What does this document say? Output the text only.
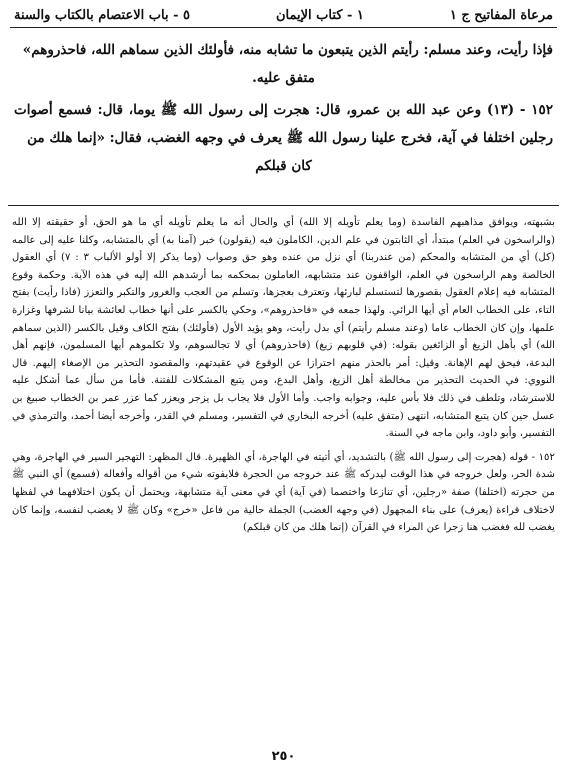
مرعاة المفاتيح ج ١
١ - كتاب الإيمان
٥ - باب الاعتصام بالكتاب والسنة

فإذا رأيت، وعند مسلم: رأيتم الذين يتبعون ما تشابه منه، فأولئك الذين سماهم الله، فاحذروهم»

متفق عليه.

١٥٢ - (١٣) وعن عبد الله بن عمرو، قال: هجرت إلى رسول الله ﷺ يوما، قال: فسمع أصوات رجلين اختلفا في آية، فخرج علينا رسول الله ﷺ يعرف في وجهه الغضب، فقال: «إنما هلك من

كان قبلكم

بشبهته، ويوافق مذاهبهم الفاسدة (وما يعلم تأويله إلا الله) أي والحال أنه ما يعلم تأويله أي ما هو الحق، أو حقيقته إلا الله (والراسخون في العلم) مبتدأ، أي الثابتون في علم الدين، الكاملون فيه (يقولون) خبر (آمنا به) أي بالمتشابه، وكلنا عليه إلى عالمه (كل) أي من المتشابه والمحكم (من عندربنا) أي نزل من عنده وهو حق وصواب (وما يذكر إلا أولو الألباب ٣ : ٧) أي العقول الخالصة وهم الراسخون في العلم، الواقفون عند متشابهه، العاملون بمحكمه بما أرشدهم الله إليه في هذه الآية. وحكمة وقوع المتشابه فيه إعلام العقول بقصورها لتستسلم لبارئها، وتعترف بعجزها، وتسلم من العجب والغرور والتكبر والتعزز (فاذا رأيت) بفتح التاء، على الخطاب العام أي أيها الرائي. ولهذا جمعه في «فاحذروهم»، وحكي بالكسر على أنها خطاب لعائشة بيانا لشرفها وغزارة علمها، وإن كان الخطاب عاما (وعند مسلم رأيتم) أي بدل رأيت، وهو يؤيد الأول (فأولئك) بفتح الكاف وقيل بالكسر (الذين سماهم الله) أي بأهل الزيغ أو الزائغين بقوله: (في قلوبهم زيغ) (فاحذروهم) أي لا تجالسوهم، ولا تكلموهم أيها المسلمون، فإنهم أهل البدعة، فيحق لهم الإهانة. وقيل: أمر بالحذر منهم احترازا عن الوقوع في عقيدتهم، والمقصود التحذير من الإصغاء إليهم. قال النووي: في الحديث التحذير من مخالطة أهل الزيغ، وأهل البدع، ومن يتبع المشكلات للفتنة. فأما من سأل عما أشكل عليه للاسترشاد، وتلطف في ذلك فلا بأس عليه، وجوابه واجب. وأما الأول فلا يجاب بل يزجر ويعزر كما عزر عمر بن الخطاب صبيغ بن عسل حين كان يتبع المتشابه، انتهى (متفق عليه) أخرجه البخاري في التفسير، ومسلم في القدر، وأخرجه أيضا أحمد، والترمذي في التفسير، وأبو داود، وابن ماجه في السنة.

١٥٢ - قوله (هجرت إلى رسول الله ﷺ) بالتشديد، أي أتيته في الهاجرة، أي الظهيرة. قال المظهر: التهجير السير في الهاجرة، وهي شدة الحر، ولعل خروجه في هذا الوقت ليدركه ﷺ عند خروجه من الحجرة فلايفوته شيء من أقواله وأفعاله (فسمع) أي النبي ﷺ من حجرته (اختلفا) صفة «رجلين، أي تنازعا واختصما (في آية) أي في معنى آية متشابهة، ويحتمل أن يكون اختلافهما في لفظها لاختلاف قراءة (يعرف) على بناء المجهول (في وجهه الغضب) الجملة حالية من فاعل «خرج» وكان ﷺ لا يغضب لنفسه، وإنما كان يغضب لله فغضب هنا زجرا عن المراء في القرآن (إنما هلك من كان قبلكم)

٢٥٠
